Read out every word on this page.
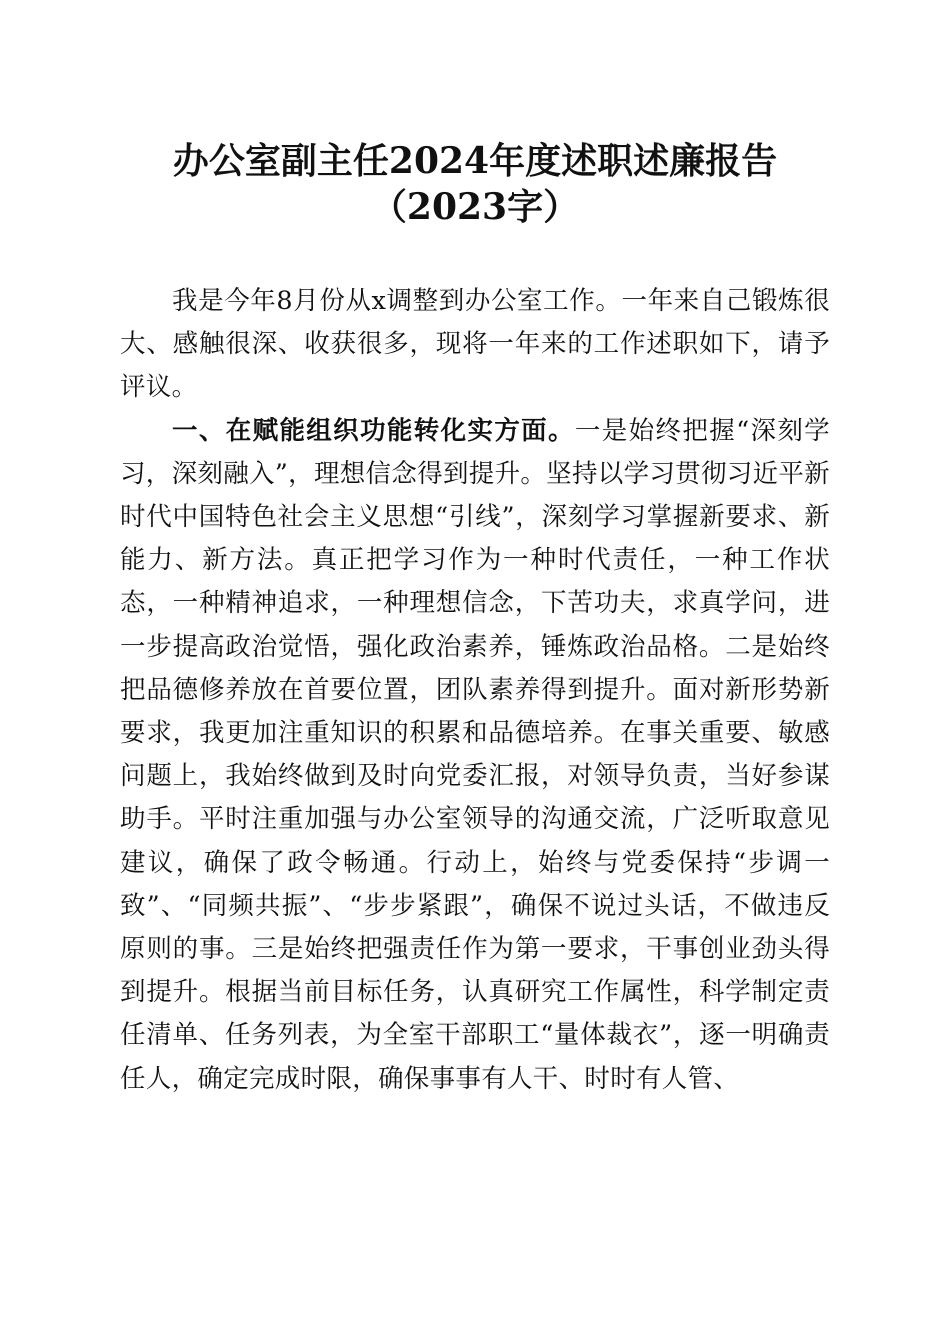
办公室副主任2024年度述职述廉报告（2023字）

我是今年8月份从x调整到办公室工作。一年来自己锻炼很大、感触很深、收获很多，现将一年来的工作述职如下，请予评议。

一、在赋能组织功能转化实方面。一是始终把握“深刻学习，深刻融入”，理想信念得到提升。坚持以学习贯彻习近平新时代中国特色社会主义思想“引线”，深刻学习掌握新要求、新能力、新方法。真正把学习作为一种时代责任，一种工作状态，一种精神追求，一种理想信念，下苦功夫，求真学问，进一步提高政治觉悟，强化政治素养，锤炼政治品格。二是始终把品德修养放在首要位置，团队素养得到提升。面对新形势新要求，我更加注重知识的积累和品德培养。在事关重要、敏感问题上，我始终做到及时向党委汇报，对领导负责，当好参谋助手。平时注重加强与办公室领导的沟通交流，广泛听取意见建议，确保了政令畅通。行动上，始终与党委保持“步调一致”、“同频共振”、“步步紧跟”，确保不说过头话，不做违反原则的事。三是始终把强责任作为第一要求，干事创业劲头得到提升。根据当前目标任务，认真研究工作属性，科学制定责任清单、任务列表，为全室干部职工“量体裁衣”，逐一明确责任人，确定完成时限，确保事事有人干、时时有人管、
